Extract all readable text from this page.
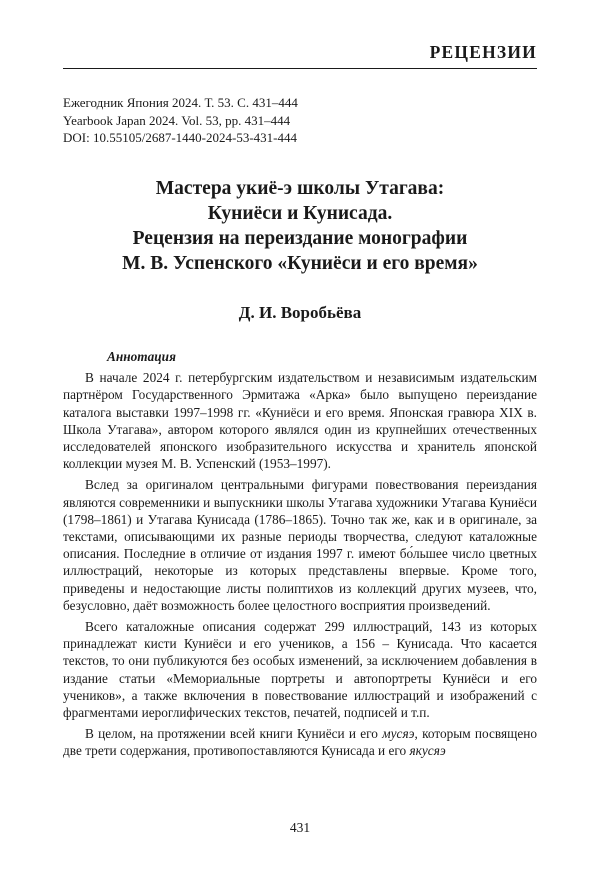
РЕЦЕНЗИИ
Ежегодник Япония 2024. Т. 53. С. 431–444
Yearbook Japan 2024. Vol. 53, pp. 431–444
DOI: 10.55105/2687-1440-2024-53-431-444
Мастера укиё-э школы Утагава:
Куниёси и Кунисада.
Рецензия на переиздание монографии
М. В. Успенского «Куниёси и его время»
Д. И. Воробьёва

Аннотация

В начале 2024 г. петербургским издательством и независимым издательским партнёром Государственного Эрмитажа «Арка» было выпущено переиздание каталога выставки 1997–1998 гг. «Куниёси и его время. Японская гравюра XIX в. Школа Утагава», автором которого являлся один из крупнейших отечественных исследователей японского изобразительного искусства и хранитель японской коллекции музея М. В. Успенский (1953–1997).

Вслед за оригиналом центральными фигурами повествования переиздания являются современники и выпускники школы Утагава художники Утагава Куниёси (1798–1861) и Утагава Кунисада (1786–1865). Точно так же, как и в оригинале, за текстами, описывающими их разные периоды творчества, следуют каталожные описания. Последние в отличие от издания 1997 г. имеют бо́льшее число цветных иллюстраций, некоторые из которых представлены впервые. Кроме того, приведены и недостающие листы полиптихов из коллекций других музеев, что, безусловно, даёт возможность более целостного восприятия произведений.

Всего каталожные описания содержат 299 иллюстраций, 143 из которых принадлежат кисти Куниёси и его учеников, а 156 – Кунисада. Что касается текстов, то они публикуются без особых изменений, за исключением добавления в издание статьи «Мемориальные портреты и автопортреты Куниёси и его учеников», а также включения в повествование иллюстраций и изображений с фрагментами иероглифических текстов, печатей, подписей и т.п.

В целом, на протяжении всей книги Куниёси и его мусяэ, которым посвящено две трети содержания, противопоставляются Кунисада и его якусяэ

431
